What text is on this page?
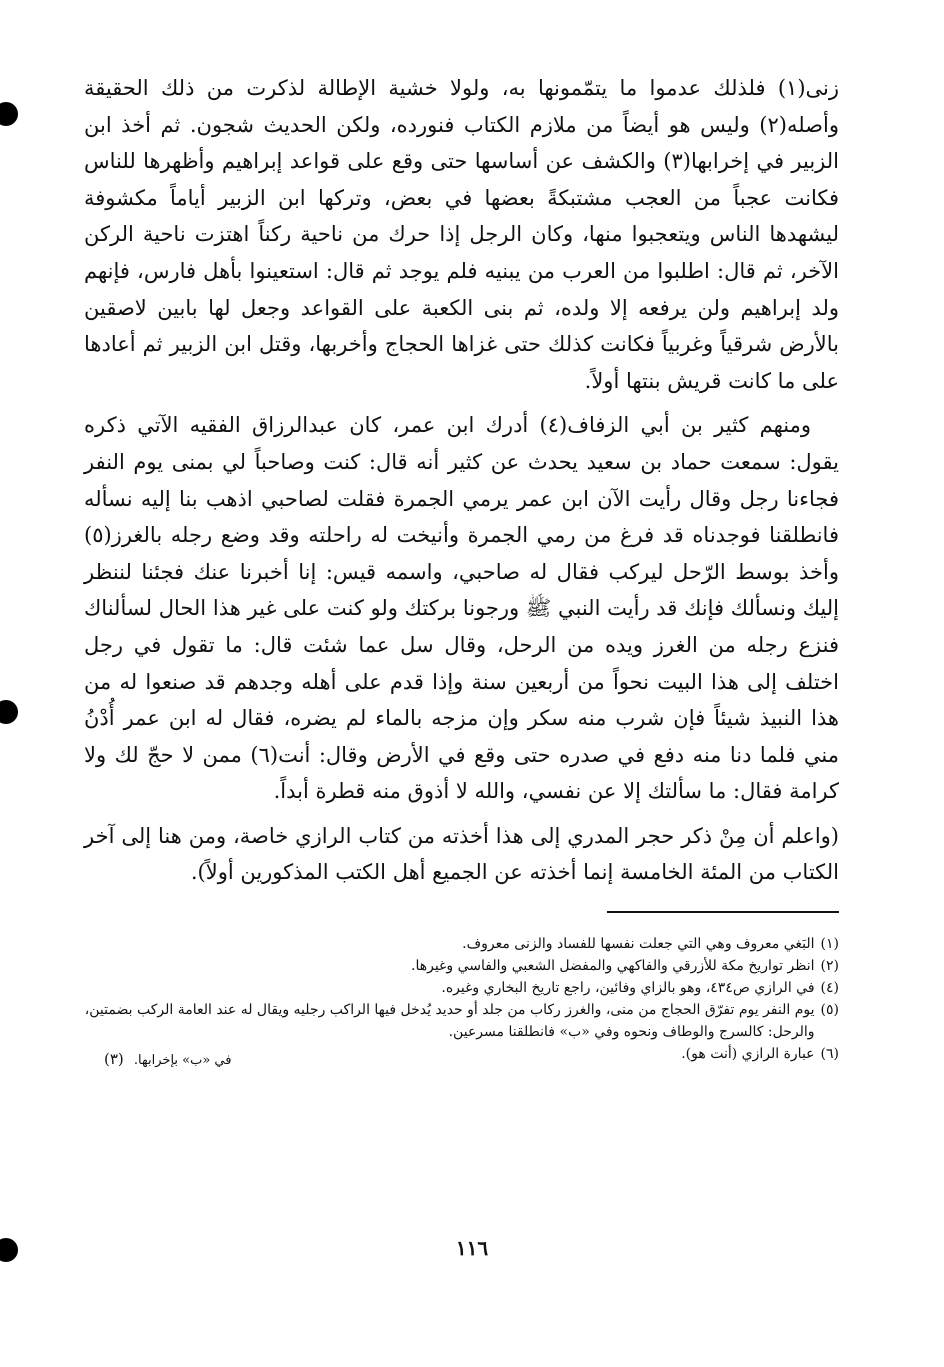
زنى(١) فلذلك عدموا ما يتمّمونها به، ولولا خشية الإطالة لذكرت من ذلك الحقيقة وأصله(٢) وليس هو أيضاً من ملازم الكتاب فنورده، ولكن الحديث شجون. ثم أخذ ابن الزبير في إخرابها(٣) والكشف عن أساسها حتى وقع على قواعد إبراهيم وأظهرها للناس فكانت عجباً من العجب مشتبكةً بعضها في بعض، وتركها ابن الزبير أياماً مكشوفة ليشهدها الناس ويتعجبوا منها، وكان الرجل إذا حرك من ناحية ركناً اهتزت ناحية الركن الآخر، ثم قال: اطلبوا من العرب من يبنيه فلم يوجد ثم قال: استعينوا بأهل فارس، فإنهم ولد إبراهيم ولن يرفعه إلا ولده، ثم بنى الكعبة على القواعد وجعل لها بابين لاصقين بالأرض شرقياً وغربياً فكانت كذلك حتى غزاها الحجاج وأخربها، وقتل ابن الزبير ثم أعادها على ما كانت قريش بنتها أولاً.

ومنهم كثير بن أبي الزفاف(٤) أدرك ابن عمر، كان عبدالرزاق الفقيه الآتي ذكره يقول: سمعت حماد بن سعيد يحدث عن كثير أنه قال: كنت وصاحباً لي بمنى يوم النفر فجاءنا رجل وقال رأيت الآن ابن عمر يرمي الجمرة فقلت لصاحبي اذهب بنا إليه نسأله فانطلقنا فوجدناه قد فرغ من رمي الجمرة وأنيخت له راحلته وقد وضع رجله بالغرز(٥) وأخذ بوسط الرّحل ليركب فقال له صاحبي، واسمه قيس: إنا أخبرنا عنك فجئنا لننظر إليك ونسألك فإنك قد رأيت النبي ﷺ ورجونا بركتك ولو كنت على غير هذا الحال لسألناك فنزع رجله من الغرز ويده من الرحل، وقال سل عما شئت قال: ما تقول في رجل اختلف إلى هذا البيت نحواً من أربعين سنة وإذا قدم على أهله وجدهم قد صنعوا له من هذا النبيذ شيئاً فإن شرب منه سكر وإن مزجه بالماء لم يضره، فقال له ابن عمر أُدْنُ مني فلما دنا منه دفع في صدره حتى وقع في الأرض وقال: أنت(٦) ممن لا حجّ لك ولا كرامة فقال: ما سألتك إلا عن نفسي، والله لا أذوق منه قطرة أبداً.

(واعلم أن مِنْ ذكر حجر المدري إلى هذا أخذته من كتاب الرازي خاصة، ومن هنا إلى آخر الكتاب من المئة الخامسة إنما أخذته عن الجميع أهل الكتب المذكورين أولاً).

(١)
البَغي معروف وهي التي جعلت نفسها للفساد والزنى معروف.
(٢)
انظر تواريخ مكة للأزرقي والفاكهي والمفضل الشعبي والفاسي وغيرها.
(٤)
في الرازي ص٤٣٤، وهو بالزاي وفائين، راجع تاريخ البخاري وغيره.
(٥)
يوم النفر يوم تفرّق الحجاج من منى، والغرز ركاب من جلد أو حديد يُدخل فيها الراكب رجليه ويقال له عند العامة الركب بضمتين، والرحل: كالسرج والوطاف ونحوه وفي «ب» فانطلقنا مسرعين.
(٦)
عبارة الرازي (أنت هو).
في «ب» بإخرابها. (٣)
١١٦
